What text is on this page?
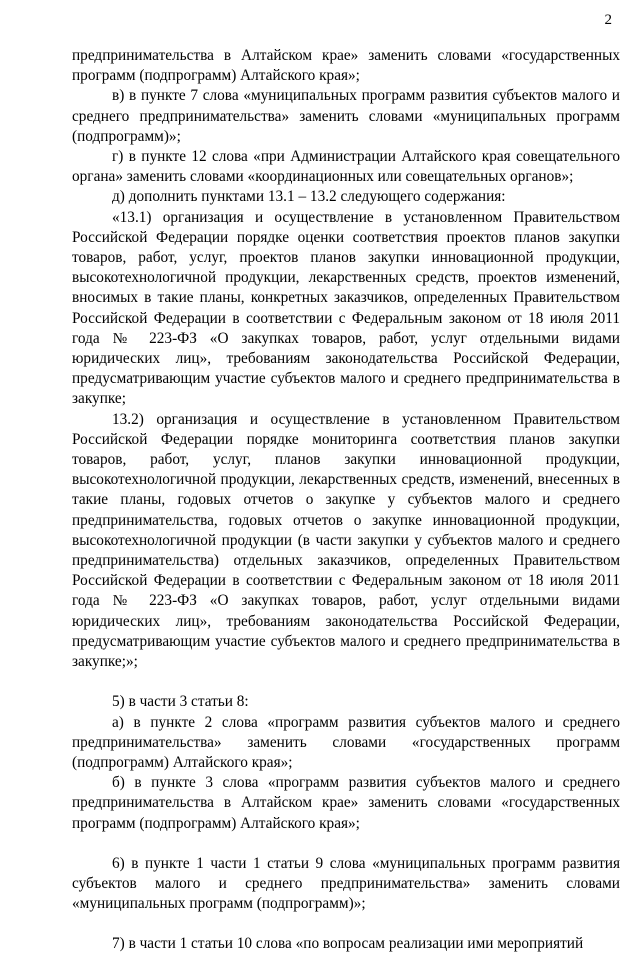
2

предпринимательства в Алтайском крае» заменить словами «государственных программ (подпрограмм) Алтайского края»;

в) в пункте 7 слова «муниципальных программ развития субъектов малого и среднего предпринимательства» заменить словами «муниципальных программ (подпрограмм)»;

г) в пункте 12 слова «при Администрации Алтайского края совещательного органа» заменить словами «координационных или совещательных органов»;

д) дополнить пунктами 13.1 – 13.2 следующего содержания:

«13.1) организация и осуществление в установленном Правительством Российской Федерации порядке оценки соответствия проектов планов закупки товаров, работ, услуг, проектов планов закупки инновационной продукции, высокотехнологичной продукции, лекарственных средств, проектов изменений, вносимых в такие планы, конкретных заказчиков, определенных Правительством Российской Федерации в соответствии с Федеральным законом от 18 июля 2011 года № 223-ФЗ «О закупках товаров, работ, услуг отдельными видами юридических лиц», требованиям законодательства Российской Федерации, предусматривающим участие субъектов малого и среднего предпринимательства в закупке;

13.2) организация и осуществление в установленном Правительством Российской Федерации порядке мониторинга соответствия планов закупки товаров, работ, услуг, планов закупки инновационной продукции, высокотехнологичной продукции, лекарственных средств, изменений, внесенных в такие планы, годовых отчетов о закупке у субъектов малого и среднего предпринимательства, годовых отчетов о закупке инновационной продукции, высокотехнологичной продукции (в части закупки у субъектов малого и среднего предпринимательства) отдельных заказчиков, определенных Правительством Российской Федерации в соответствии с Федеральным законом от 18 июля 2011 года № 223-ФЗ «О закупках товаров, работ, услуг отдельными видами юридических лиц», требованиям законодательства Российской Федерации, предусматривающим участие субъектов малого и среднего предпринимательства в закупке;»;

5) в части 3 статьи 8:

а) в пункте 2 слова «программ развития субъектов малого и среднего предпринимательства» заменить словами «государственных программ (подпрограмм) Алтайского края»;

б) в пункте 3 слова «программ развития субъектов малого и среднего предпринимательства в Алтайском крае» заменить словами «государственных программ (подпрограмм) Алтайского края»;

6) в пункте 1 части 1 статьи 9 слова «муниципальных программ развития субъектов малого и среднего предпринимательства» заменить словами «муниципальных программ (подпрограмм)»;

7) в части 1 статьи 10 слова «по вопросам реализации ими мероприятий
